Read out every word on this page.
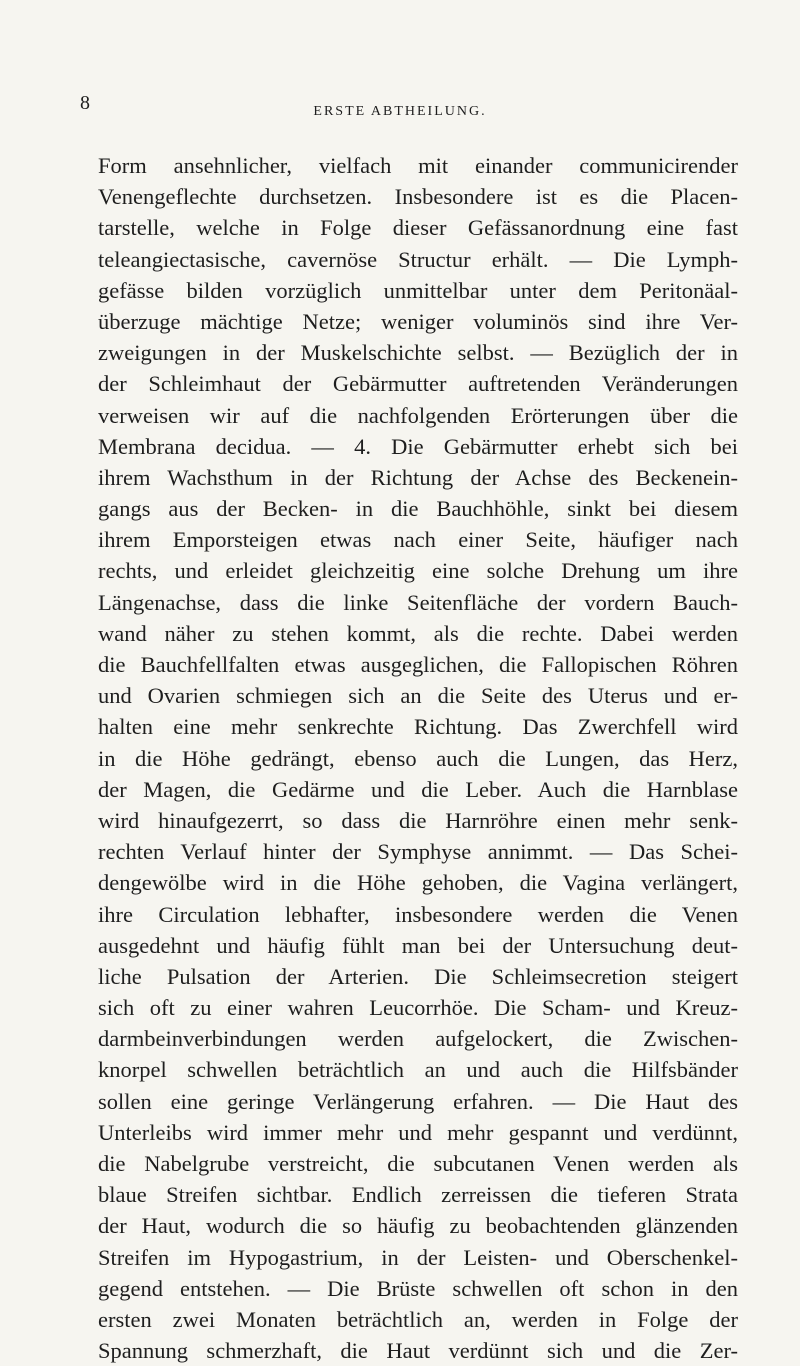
8	ERSTE ABTHEILUNG.
Form ansehnlicher, vielfach mit einander communicirender
Venengeflechte durchsetzen. Insbesondere ist es die Placen-
tarstelle, welche in Folge dieser Gefässanordnung eine fast
teleangiectasische, cavernöse Structur erhält. — Die Lymph-
gefässe bilden vorzüglich unmittelbar unter dem Peritonäal-
überzuge mächtige Netze; weniger voluminös sind ihre Ver-
zweigungen in der Muskelschichte selbst. — Bezüglich der in
der Schleimhaut der Gebärmutter auftretenden Veränderungen
verweisen wir auf die nachfolgenden Erörterungen über die
Membrana decidua. — 4. Die Gebärmutter erhebt sich bei
ihrem Wachsthum in der Richtung der Achse des Beckenein-
gangs aus der Becken- in die Bauchhöhle, sinkt bei diesem
ihrem Emporsteigen etwas nach einer Seite, häufiger nach
rechts, und erleidet gleichzeitig eine solche Drehung um ihre
Längenachse, dass die linke Seitenfläche der vordern Bauch-
wand näher zu stehen kommt, als die rechte. Dabei werden
die Bauchfellfalten etwas ausgeglichen, die Fallopischen Röhren
und Ovarien schmiegen sich an die Seite des Uterus und er-
halten eine mehr senkrechte Richtung. Das Zwerchfell wird
in die Höhe gedrängt, ebenso auch die Lungen, das Herz,
der Magen, die Gedärme und die Leber. Auch die Harnblase
wird hinaufgezerrt, so dass die Harnröhre einen mehr senk-
rechten Verlauf hinter der Symphyse annimmt. — Das Schei-
dengewölbe wird in die Höhe gehoben, die Vagina verlängert,
ihre Circulation lebhafter, insbesondere werden die Venen
ausgedehnt und häufig fühlt man bei der Untersuchung deut-
liche Pulsation der Arterien. Die Schleimsecretion steigert
sich oft zu einer wahren Leucorrhöe. Die Scham- und Kreuz-
darmbeinverbindungen werden aufgelockert, die Zwischen-
knorpel schwellen beträchtlich an und auch die Hilfsbänder
sollen eine geringe Verlängerung erfahren. — Die Haut des
Unterleibs wird immer mehr und mehr gespannt und verdünnt,
die Nabelgrube verstreicht, die subcutanen Venen werden als
blaue Streifen sichtbar. Endlich zerreissen die tieferen Strata
der Haut, wodurch die so häufig zu beobachtenden glänzenden
Streifen im Hypogastrium, in der Leisten- und Oberschenkel-
gegend entstehen. — Die Brüste schwellen oft schon in den
ersten zwei Monaten beträchtlich an, werden in Folge der
Spannung schmerzhaft, die Haut verdünnt sich und die Zer-
